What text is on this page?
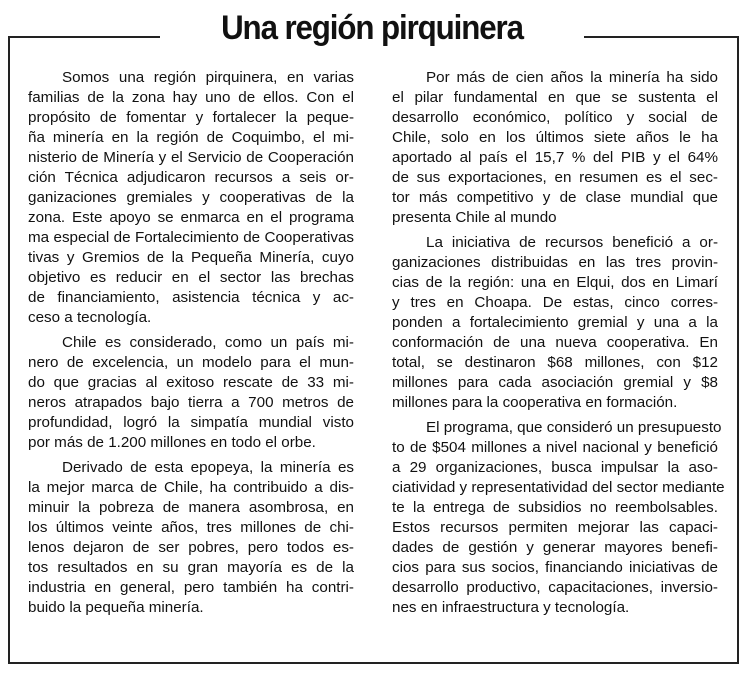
Una región pirquinera
Somos una región pirquinera, en varias
familias de la zona hay uno de ellos. Con el
propósito de fomentar y fortalecer la peque-
ña minería en la región de Coquimbo, el mi-
nisterio de Minería y el Servicio de Cooperación
ción Técnica adjudicaron recursos a seis or-
ganizaciones gremiales y cooperativas de la
zona. Este apoyo se enmarca en el programa
ma especial de Fortalecimiento de Cooperativas
tivas y Gremios de la Pequeña Minería, cuyo
objetivo es reducir en el sector las brechas
de financiamiento, asistencia técnica y ac-
ceso a tecnología.
Chile es considerado, como un país mi-
nero de excelencia, un modelo para el mun-
do que gracias al exitoso rescate de 33 mi-
neros atrapados bajo tierra a 700 metros de
profundidad, logró la simpatía mundial visto
por más de 1.200 millones en todo el orbe.
Derivado de esta epopeya, la minería es
la mejor marca de Chile, ha contribuido a dis-
minuir la pobreza de manera asombrosa, en
los últimos veinte años, tres millones de chi-
lenos dejaron de ser pobres, pero todos es-
tos resultados en su gran mayoría es de la
industria en general, pero también ha contri-
buido la pequeña minería.
Por más de cien años la minería ha sido
el pilar fundamental en que se sustenta el
desarrollo económico, político y social de
Chile, solo en los últimos siete años le ha
aportado al país el 15,7 % del PIB y el 64%
de sus exportaciones, en resumen es el sec-
tor más competitivo y de clase mundial que
presenta Chile al mundo
La iniciativa de recursos benefició a or-
ganizaciones distribuidas en las tres provin-
cias de la región: una en Elqui, dos en Limarí
y tres en Choapa. De estas, cinco corres-
ponden a fortalecimiento gremial y una a la
conformación de una nueva cooperativa. En
total, se destinaron $68 millones, con $12
millones para cada asociación gremial y $8
millones para la cooperativa en formación.
El programa, que consideró un presupuesto
to de $504 millones a nivel nacional y benefició
a 29 organizaciones, busca impulsar la aso-
ciatividad y representatividad del sector mediante
te la entrega de subsidios no reembolsables.
Estos recursos permiten mejorar las capaci-
dades de gestión y generar mayores benefi-
cios para sus socios, financiando iniciativas de
desarrollo productivo, capacitaciones, inversio-
nes en infraestructura y tecnología.
